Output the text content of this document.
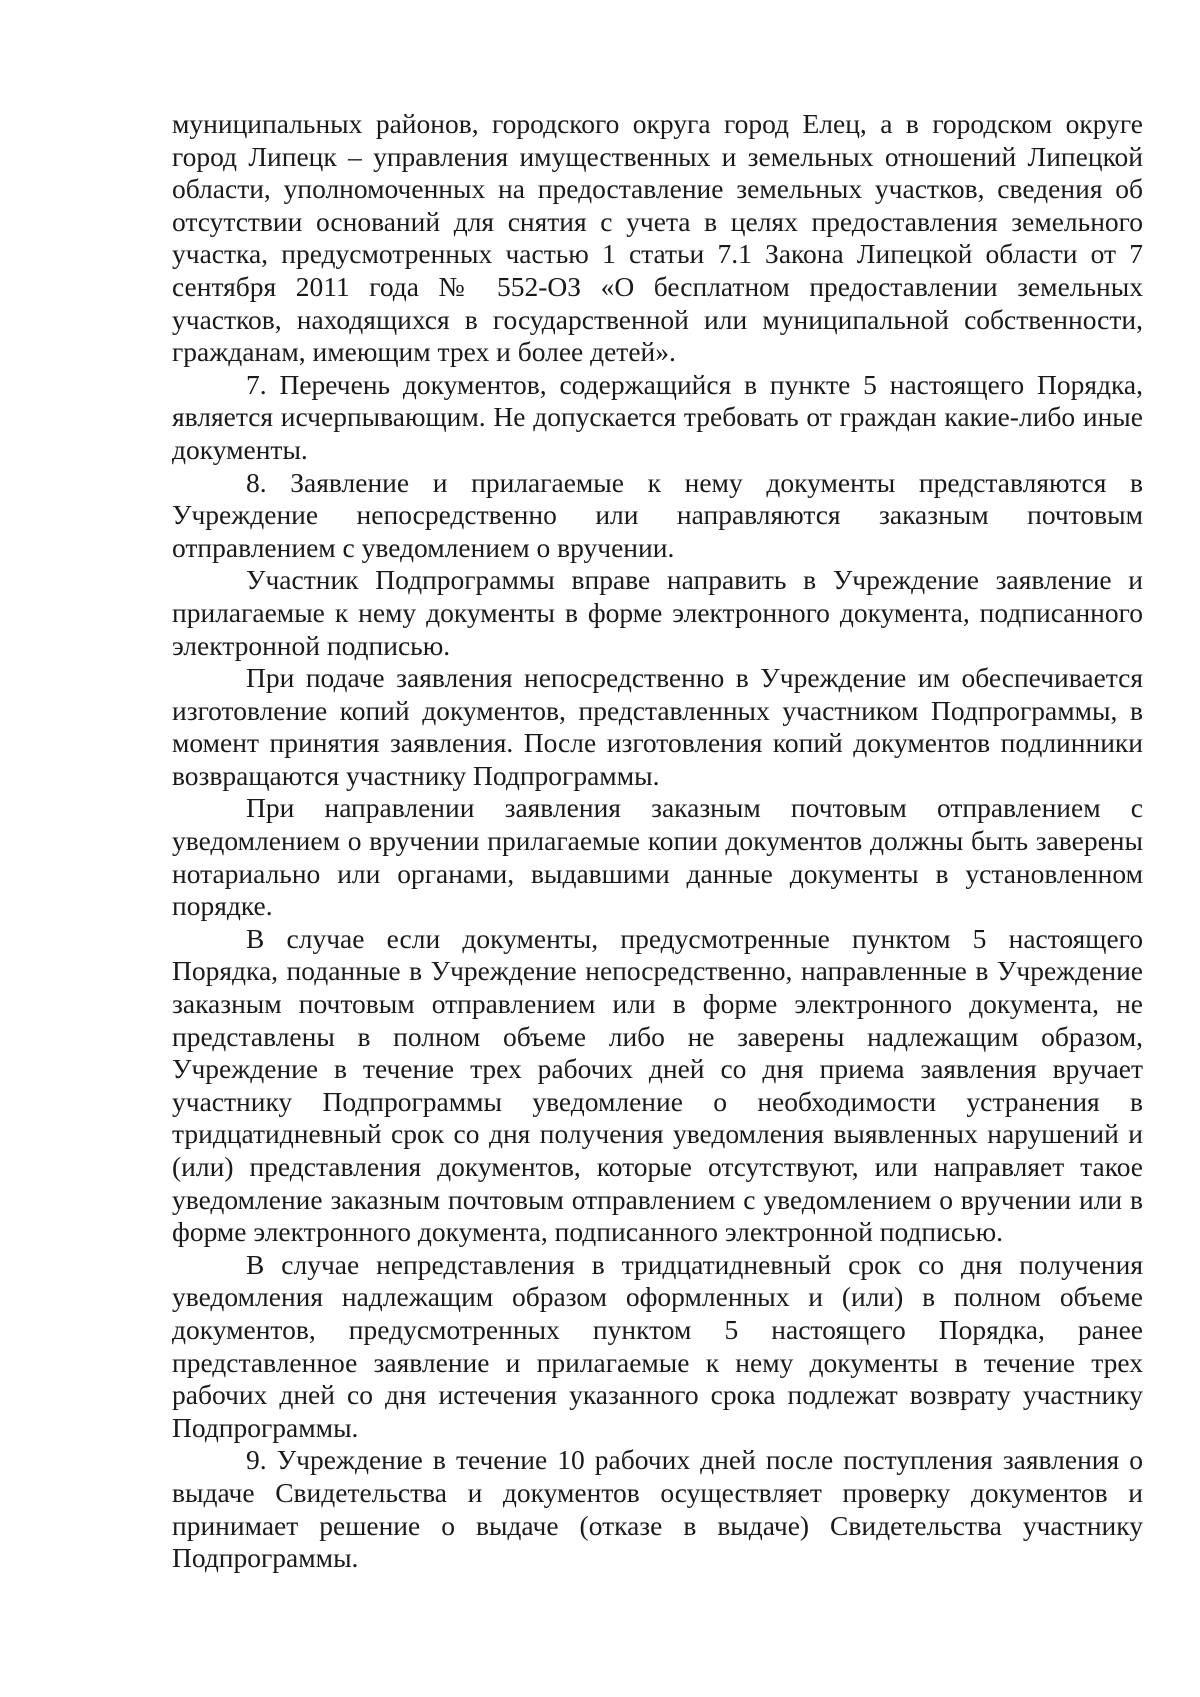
муниципальных районов, городского округа город Елец, а в городском округе город Липецк – управления имущественных и земельных отношений Липецкой области, уполномоченных на предоставление земельных участков, сведения об отсутствии оснований для снятия с учета в целях предоставления земельного участка, предусмотренных частью 1 статьи 7.1 Закона Липецкой области от 7 сентября 2011 года № 552-ОЗ «О бесплатном предоставлении земельных участков, находящихся в государственной или муниципальной собственности, гражданам, имеющим трех и более детей».

7. Перечень документов, содержащийся в пункте 5 настоящего Порядка, является исчерпывающим. Не допускается требовать от граждан какие-либо иные документы.

8. Заявление и прилагаемые к нему документы представляются в Учреждение непосредственно или направляются заказным почтовым отправлением с уведомлением о вручении.

Участник Подпрограммы вправе направить в Учреждение заявление и прилагаемые к нему документы в форме электронного документа, подписанного электронной подписью.

При подаче заявления непосредственно в Учреждение им обеспечивается изготовление копий документов, представленных участником Подпрограммы, в момент принятия заявления. После изготовления копий документов подлинники возвращаются участнику Подпрограммы.

При направлении заявления заказным почтовым отправлением с уведомлением о вручении прилагаемые копии документов должны быть заверены нотариально или органами, выдавшими данные документы в установленном порядке.

В случае если документы, предусмотренные пунктом 5 настоящего Порядка, поданные в Учреждение непосредственно, направленные в Учреждение заказным почтовым отправлением или в форме электронного документа, не представлены в полном объеме либо не заверены надлежащим образом, Учреждение в течение трех рабочих дней со дня приема заявления вручает участнику Подпрограммы уведомление о необходимости устранения в тридцатидневный срок со дня получения уведомления выявленных нарушений и (или) представления документов, которые отсутствуют, или направляет такое уведомление заказным почтовым отправлением с уведомлением о вручении или в форме электронного документа, подписанного электронной подписью.

В случае непредставления в тридцатидневный срок со дня получения уведомления надлежащим образом оформленных и (или) в полном объеме документов, предусмотренных пунктом 5 настоящего Порядка, ранее представленное заявление и прилагаемые к нему документы в течение трех рабочих дней со дня истечения указанного срока подлежат возврату участнику Подпрограммы.

9. Учреждение в течение 10 рабочих дней после поступления заявления о выдаче Свидетельства и документов осуществляет проверку документов и принимает решение о выдаче (отказе в выдаче) Свидетельства участнику Подпрограммы.
